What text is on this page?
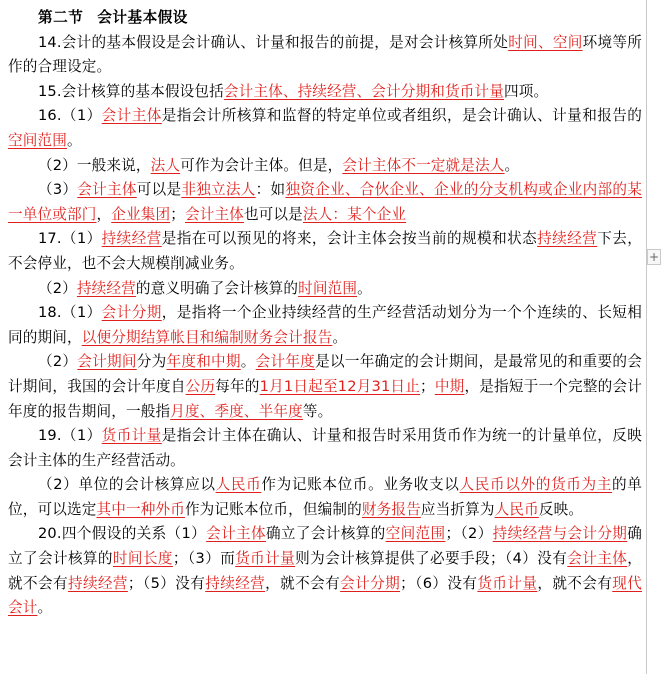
第二节 会计基本假设
14.会计的基本假设是会计确认、计量和报告的前提，是对会计核算所处时间、空间环境等所作的合理设定。
15.会计核算的基本假设包括会计主体、持续经营、会计分期和货币计量四项。
16.（1）会计主体是指会计所核算和监督的特定单位或者组织，是会计确认、计量和报告的空间范围。
（2）一般来说，法人可作为会计主体。但是，会计主体不一定就是法人。
（3）会计主体可以是非独立法人：如独资企业、合伙企业、企业的分支机构或企业内部的某一单位或部门，企业集团；会计主体也可以是法人：某个企业
17.（1）持续经营是指在可以预见的将来，会计主体会按当前的规模和状态持续经营下去，不会停业，也不会大规模削减业务。
（2）持续经营的意义明确了会计核算的时间范围。
18.（1）会计分期，是指将一个企业持续经营的生产经营活动划分为一个个连续的、长短相同的期间，以便分期结算帐目和编制财务会计报告。
（2）会计期间分为年度和中期。会计年度是以一年确定的会计期间，是最常见的和重要的会计期间，我国的会计年度自公历每年的1月1日起至12月31日止；中期，是指短于一个完整的会计年度的报告期间，一般指月度、季度、半年度等。
19.（1）货币计量是指会计主体在确认、计量和报告时采用货币作为统一的计量单位，反映会计主体的生产经营活动。
（2）单位的会计核算应以人民币作为记账本位币。业务收支以人民币以外的货币为主的单位，可以选定其中一种外币作为记账本位币，但编制的财务报告应当折算为人民币反映。
20.四个假设的关系（1）会计主体确立了会计核算的空间范围；（2）持续经营与会计分期确立了会计核算的时间长度；（3）而货币计量则为会计核算提供了必要手段；（4）没有会计主体，就不会有持续经营；（5）没有持续经营，就不会有会计分期；（6）没有货币计量，就不会有现代会计。
+
